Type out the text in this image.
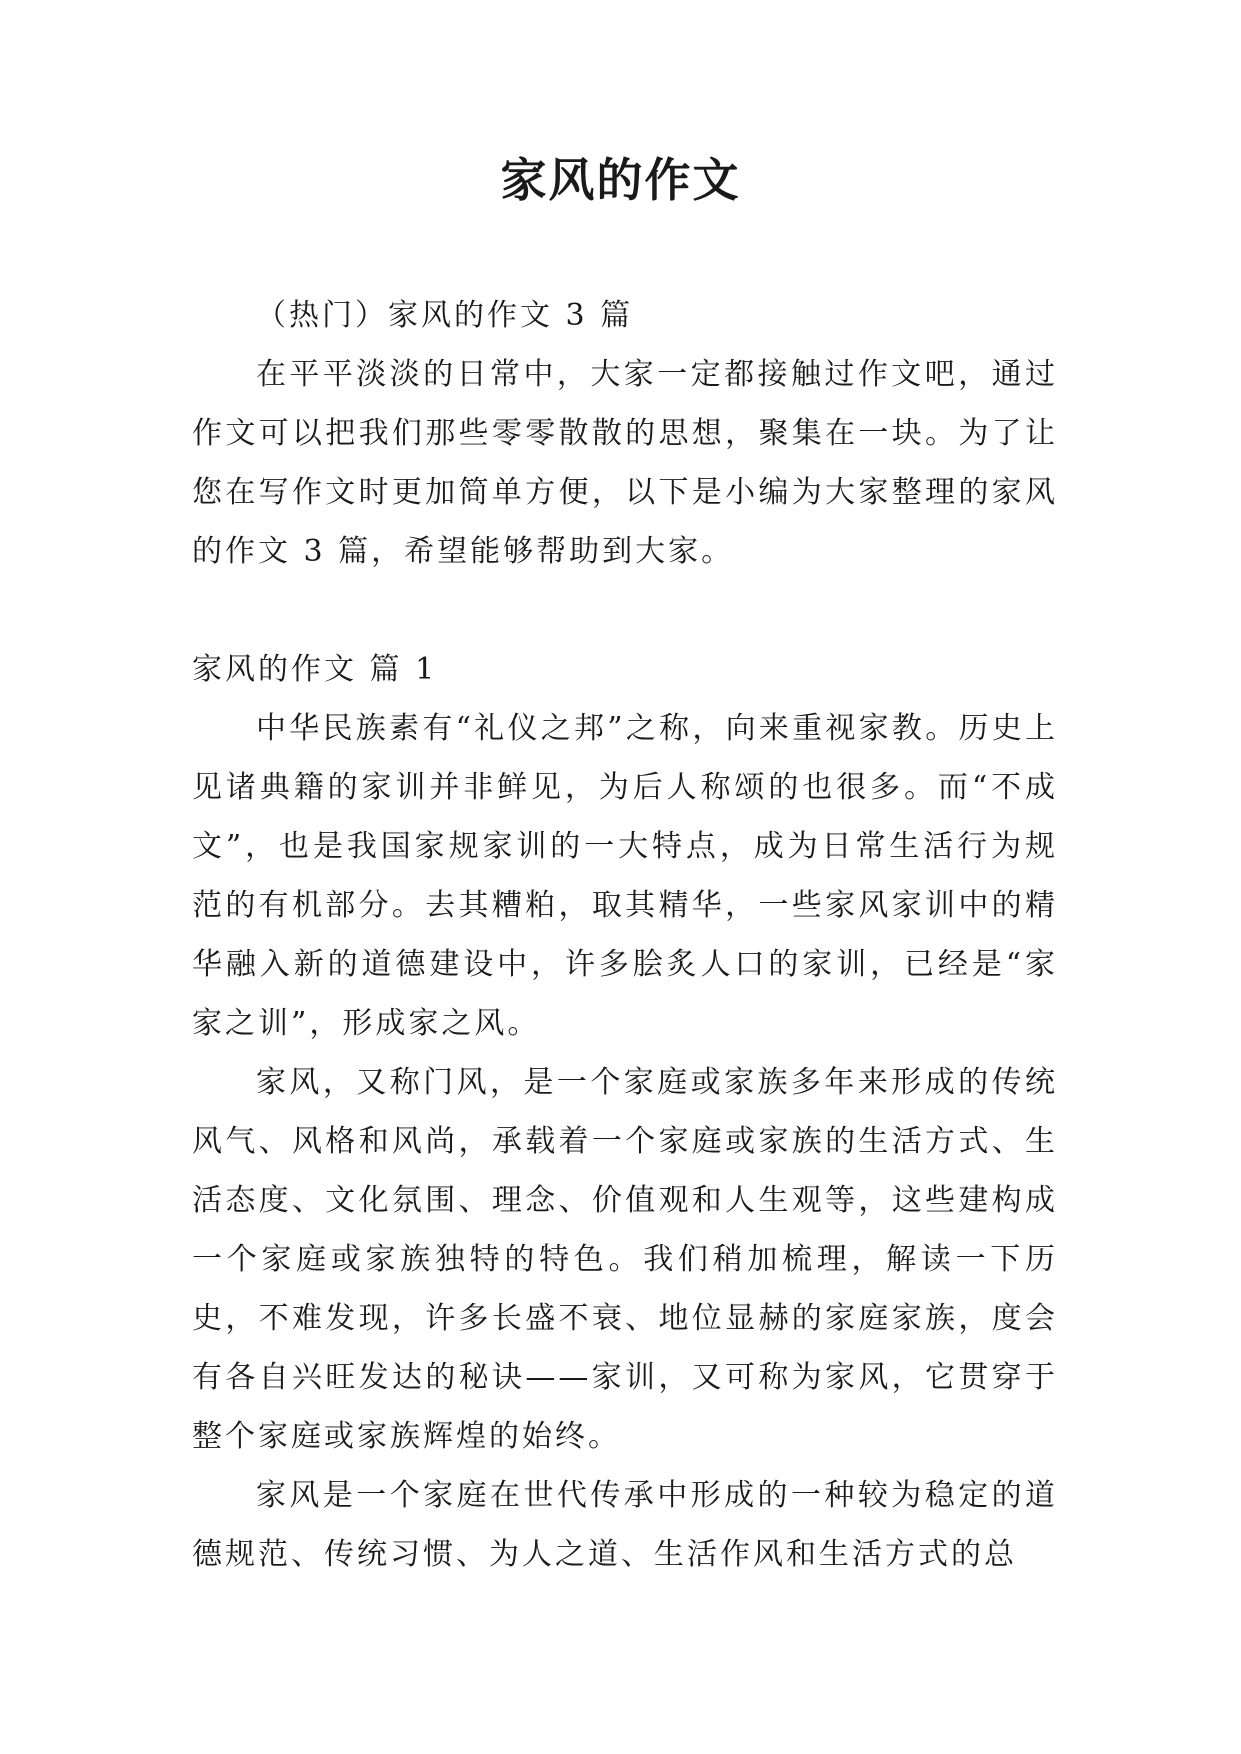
家风的作文

（热门）家风的作文 3 篇

在平平淡淡的日常中，大家一定都接触过作文吧，通过作文可以把我们那些零零散散的思想，聚集在一块。为了让您在写作文时更加简单方便，以下是小编为大家整理的家风的作文 3 篇，希望能够帮助到大家。

家风的作文 篇 1

中华民族素有“礼仪之邦”之称，向来重视家教。历史上见诸典籍的家训并非鲜见，为后人称颂的也很多。而“不成文”，也是我国家规家训的一大特点，成为日常生活行为规范的有机部分。去其糟粕，取其精华，一些家风家训中的精华融入新的道德建设中，许多脍炙人口的家训，已经是“家家之训”，形成家之风。

家风，又称门风，是一个家庭或家族多年来形成的传统风气、风格和风尚，承载着一个家庭或家族的生活方式、生活态度、文化氛围、理念、价值观和人生观等，这些建构成一个家庭或家族独特的特色。我们稍加梳理，解读一下历史，不难发现，许多长盛不衰、地位显赫的家庭家族，度会有各自兴旺发达的秘诀——家训，又可称为家风，它贯穿于整个家庭或家族辉煌的始终。

家风是一个家庭在世代传承中形成的一种较为稳定的道德规范、传统习惯、为人之道、生活作风和生活方式的总
